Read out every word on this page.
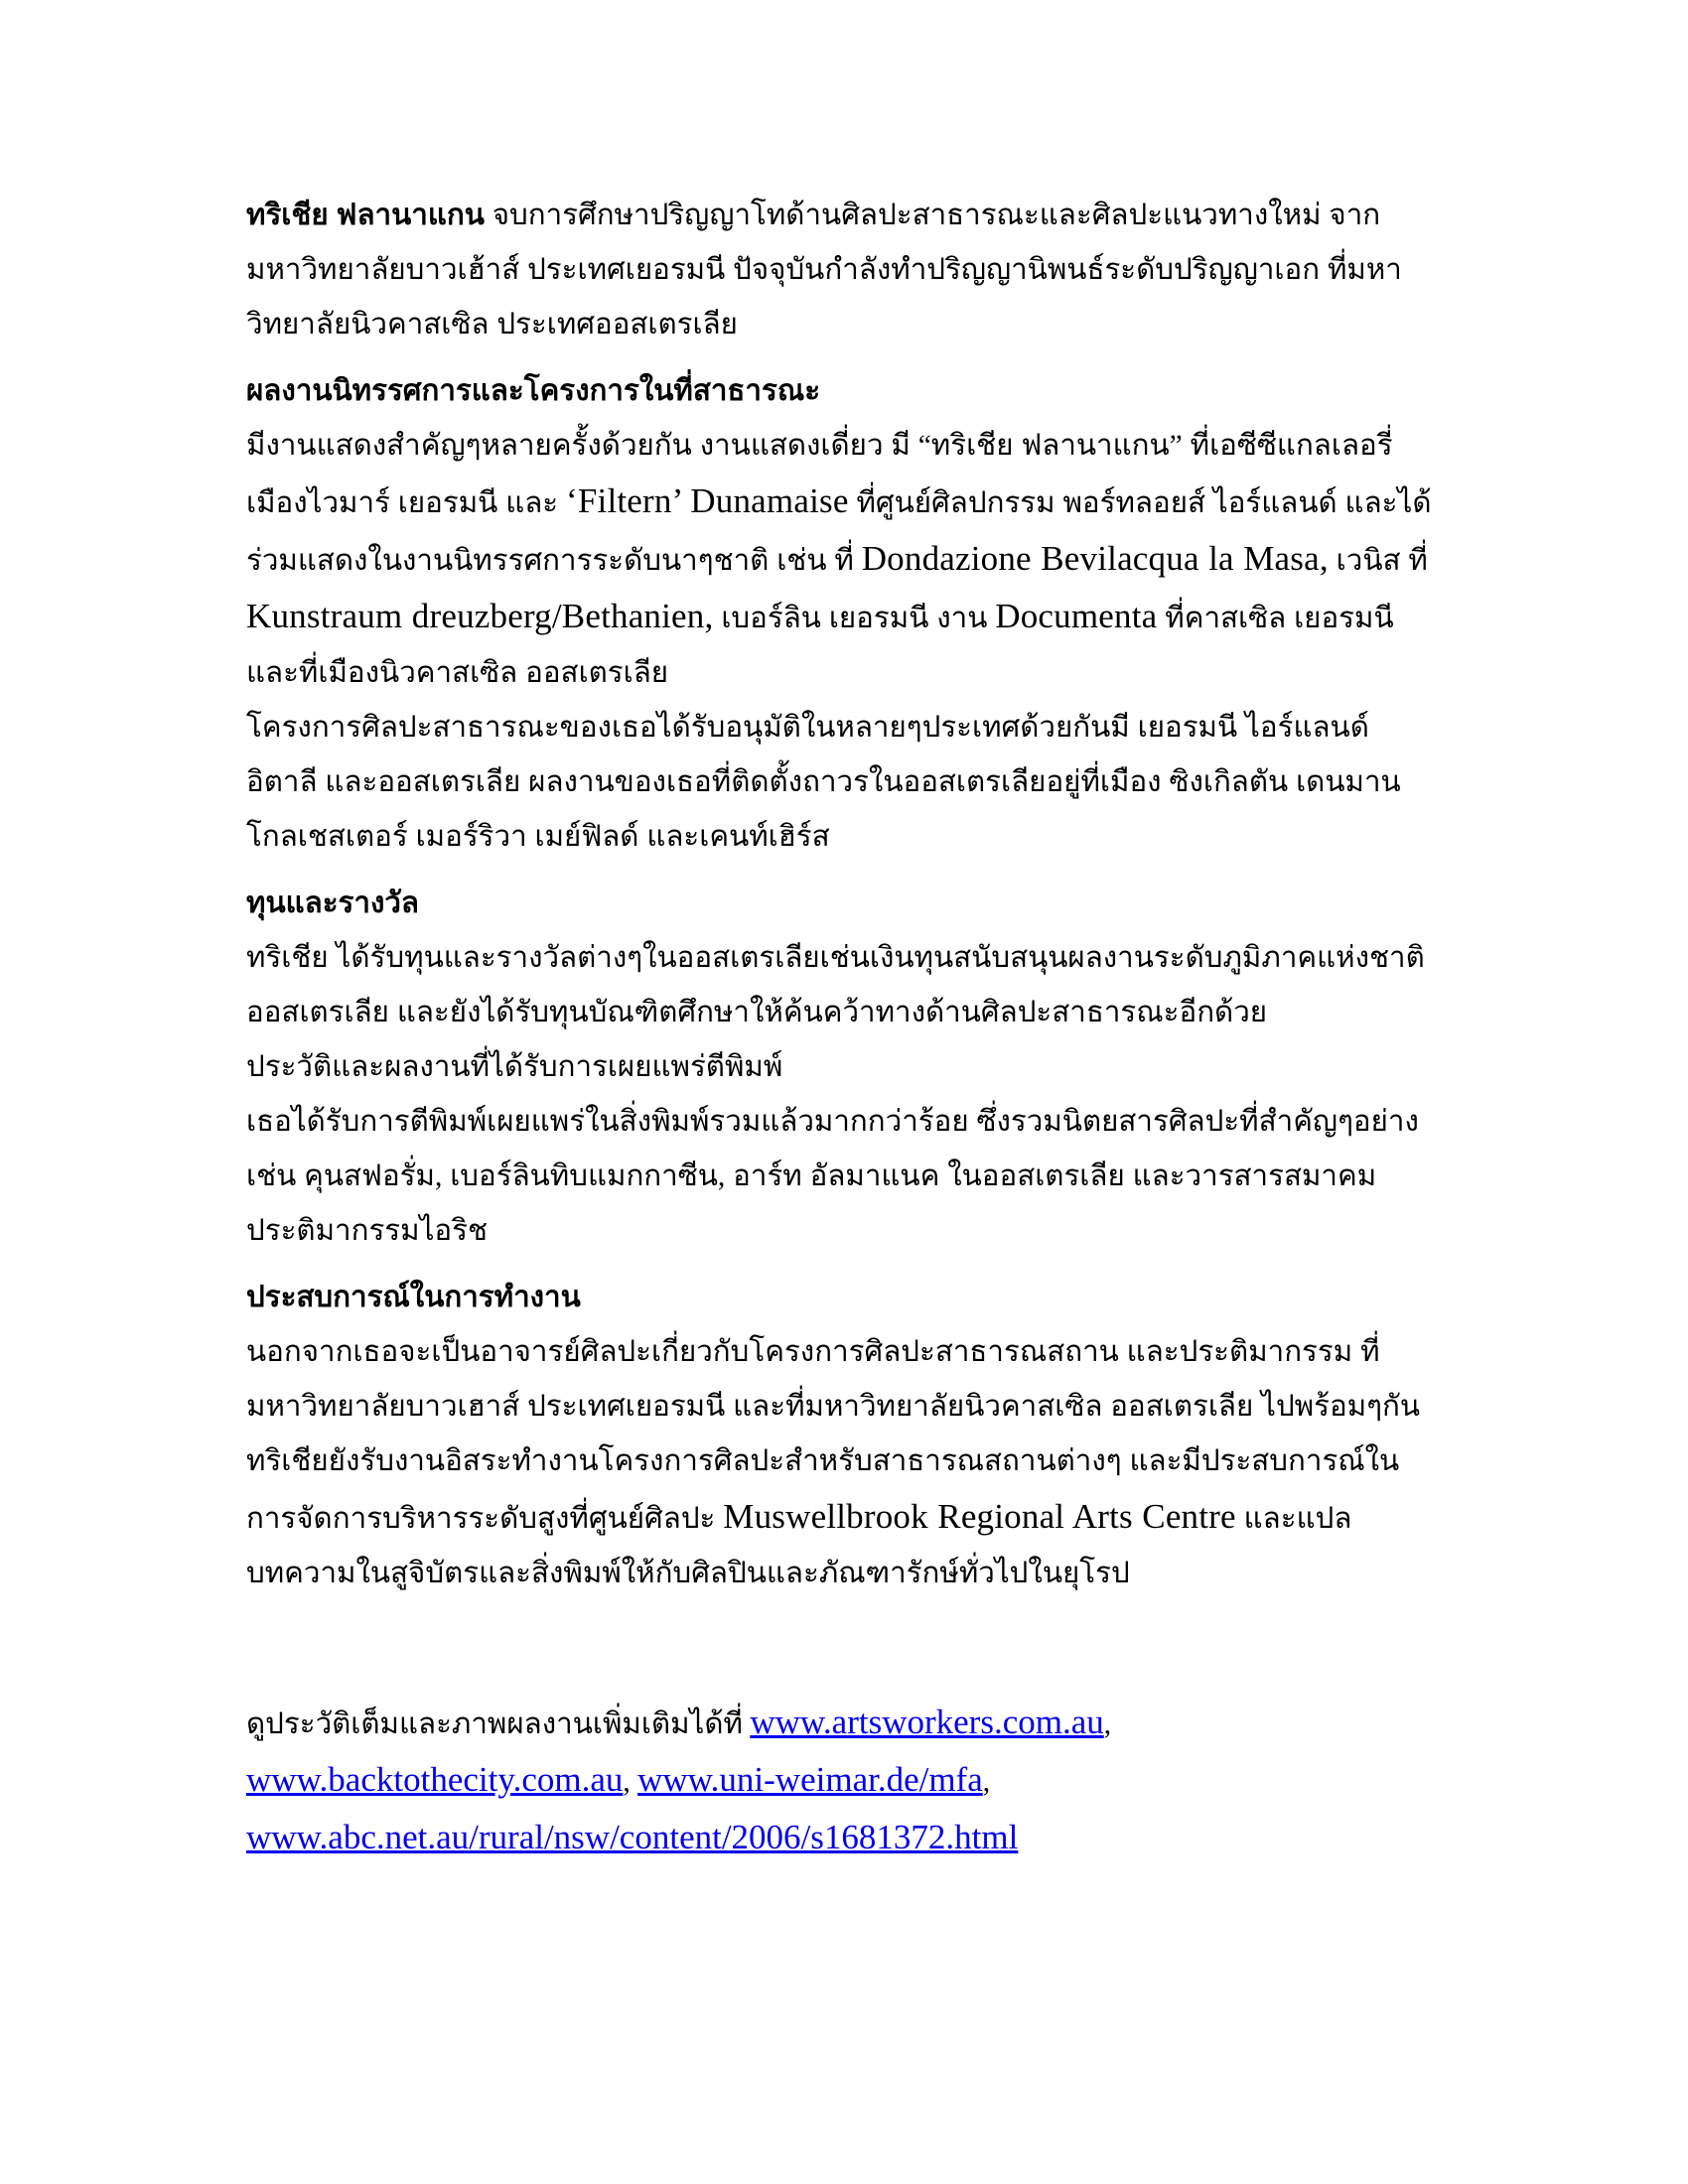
ทริเชีย ฟลานาแกน จบการศึกษาปริญญาโทด้านศิลปะสาธารณะและศิลปะแนวทางใหม่ จากมหาวิทยาลัยบาวเฮ้าส์ ประเทศเยอรมนี ปัจจุบันกำลังทำปริญญานิพนธ์ระดับปริญญาเอก ที่มหาวิทยาลัยนิวคาสเซิล ประเทศออสเตรเลีย

ผลงานนิทรรศการและโครงการในที่สาธารณะ

มีงานแสดงสำคัญๆหลายครั้งด้วยกัน งานแสดงเดี่ยว มี “ทริเชีย ฟลานาแกน” ที่เอซีซีแกลเลอรี่ เมืองไวมาร์ เยอรมนี และ ‘Filtern’ Dunamaise ที่ศูนย์ศิลปกรรม พอร์ทลอยส์ ไอร์แลนด์ และได้ร่วมแสดงในงานนิทรรศการระดับนาๆชาติ เช่น ที่ Dondazione Bevilacqua la Masa, เวนิส ที่ Kunstraum dreuzberg/Bethanien, เบอร์ลิน เยอรมนี งาน Documenta ที่คาสเซิล เยอรมนี และที่เมืองนิวคาสเซิล ออสเตรเลีย

โครงการศิลปะสาธารณะของเธอได้รับอนุมัติในหลายๆประเทศด้วยกันมี เยอรมนี ไอร์แลนด์ อิตาลี และออสเตรเลีย ผลงานของเธอที่ติดตั้งถาวรในออสเตรเลียอยู่ที่เมือง ซิงเกิลตัน เดนมาน โกลเชสเตอร์ เมอร์ริวา เมย์ฟิลด์ และเคนท์เฮิร์ส

ทุนและรางวัล

ทริเชีย ได้รับทุนและรางวัลต่างๆในออสเตรเลียเช่นเงินทุนสนับสนุนผลงานระดับภูมิภาคแห่งชาติ ออสเตรเลีย และยังได้รับทุนบัณฑิตศึกษาให้ค้นคว้าทางด้านศิลปะสาธารณะอีกด้วย

ประวัติและผลงานที่ได้รับการเผยแพร่ตีพิมพ์

เธอได้รับการตีพิมพ์เผยแพร่ในสิ่งพิมพ์รวมแล้วมากกว่าร้อย ซึ่งรวมนิตยสารศิลปะที่สำคัญๆอย่างเช่น คุนสฟอรั่ม, เบอร์ลินทิบแมกกาซีน, อาร์ท อัลมาแนค ในออสเตรเลีย และวารสารสมาคมประติมากรรมไอริช

ประสบการณ์ในการทำงาน

นอกจากเธอจะเป็นอาจารย์ศิลปะเกี่ยวกับโครงการศิลปะสาธารณสถาน และประติมากรรม ที่มหาวิทยาลัยบาวเฮาส์ ประเทศเยอรมนี และที่มหาวิทยาลัยนิวคาสเซิล ออสเตรเลีย ไปพร้อมๆกัน ทริเชียยังรับงานอิสระทำงานโครงการศิลปะสำหรับสาธารณสถานต่างๆ และมีประสบการณ์ในการจัดการบริหารระดับสูงที่ศูนย์ศิลปะ Muswellbrook Regional Arts Centre และแปลบทความในสูจิบัตรและสิ่งพิมพ์ให้กับศิลปินและภัณฑารักษ์ทั่วไปในยุโรป

ดูประวัติเต็มและภาพผลงานเพิ่มเติมได้ที่ www.artsworkers.com.au, www.backtothecity.com.au, www.uni-weimar.de/mfa, www.abc.net.au/rural/nsw/content/2006/s1681372.html
